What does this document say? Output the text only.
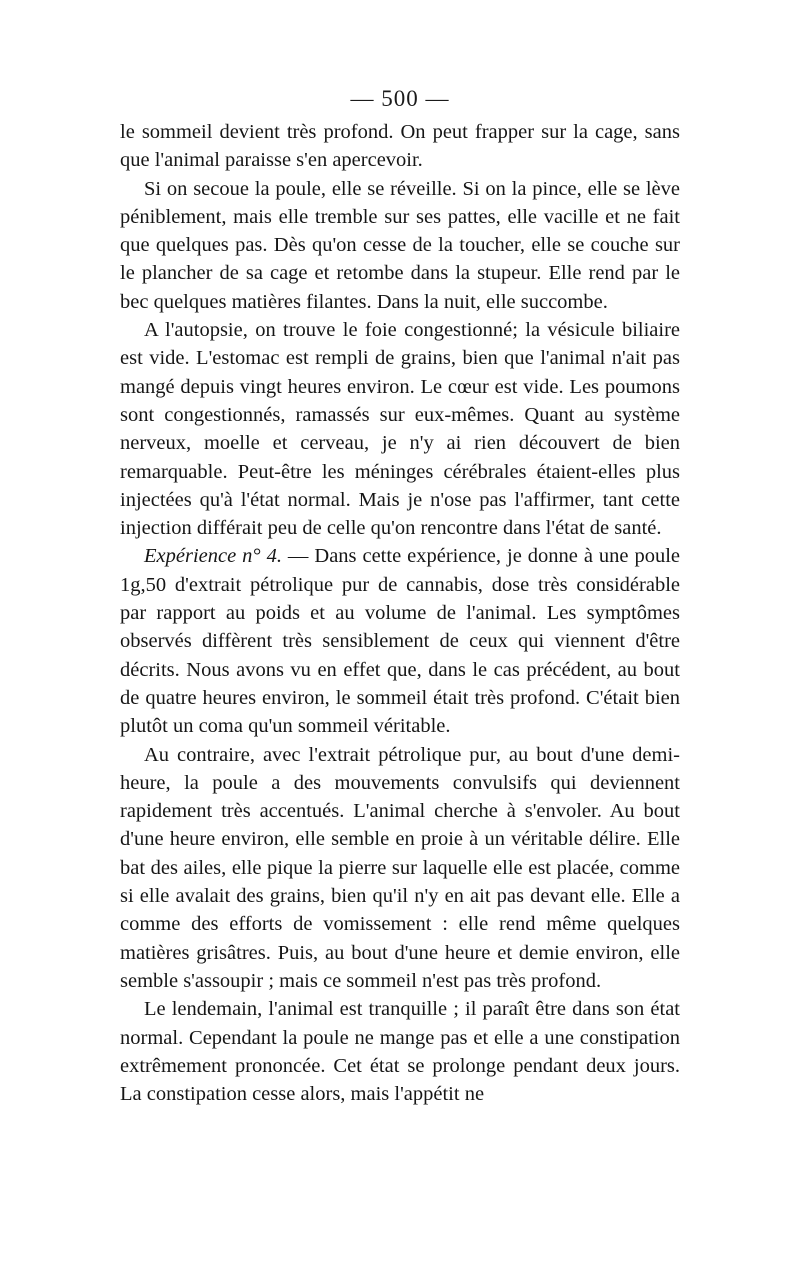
— 500 —

le sommeil devient très profond. On peut frapper sur la cage, sans que l'animal paraisse s'en apercevoir.

Si on secoue la poule, elle se réveille. Si on la pince, elle se lève péniblement, mais elle tremble sur ses pattes, elle vacille et ne fait que quelques pas. Dès qu'on cesse de la toucher, elle se couche sur le plancher de sa cage et retombe dans la stupeur. Elle rend par le bec quelques matières filantes. Dans la nuit, elle succombe.

A l'autopsie, on trouve le foie congestionné; la vésicule biliaire est vide. L'estomac est rempli de grains, bien que l'animal n'ait pas mangé depuis vingt heures environ. Le cœur est vide. Les poumons sont congestionnés, ramassés sur eux-mêmes. Quant au système nerveux, moelle et cerveau, je n'y ai rien découvert de bien remarquable. Peut-être les méninges cérébrales étaient-elles plus injectées qu'à l'état normal. Mais je n'ose pas l'affirmer, tant cette injection différait peu de celle qu'on rencontre dans l'état de santé.

Expérience n° 4. — Dans cette expérience, je donne à une poule 1g,50 d'extrait pétrolique pur de cannabis, dose très considérable par rapport au poids et au volume de l'animal. Les symptômes observés diffèrent très sensiblement de ceux qui viennent d'être décrits. Nous avons vu en effet que, dans le cas précédent, au bout de quatre heures environ, le sommeil était très profond. C'était bien plutôt un coma qu'un sommeil véritable.

Au contraire, avec l'extrait pétrolique pur, au bout d'une demi-heure, la poule a des mouvements convulsifs qui deviennent rapidement très accentués. L'animal cherche à s'envoler. Au bout d'une heure environ, elle semble en proie à un véritable délire. Elle bat des ailes, elle pique la pierre sur laquelle elle est placée, comme si elle avalait des grains, bien qu'il n'y en ait pas devant elle. Elle a comme des efforts de vomissement : elle rend même quelques matières grisâtres. Puis, au bout d'une heure et demie environ, elle semble s'assoupir ; mais ce sommeil n'est pas très profond.

Le lendemain, l'animal est tranquille ; il paraît être dans son état normal. Cependant la poule ne mange pas et elle a une constipation extrêmement prononcée. Cet état se prolonge pendant deux jours. La constipation cesse alors, mais l'appétit ne
